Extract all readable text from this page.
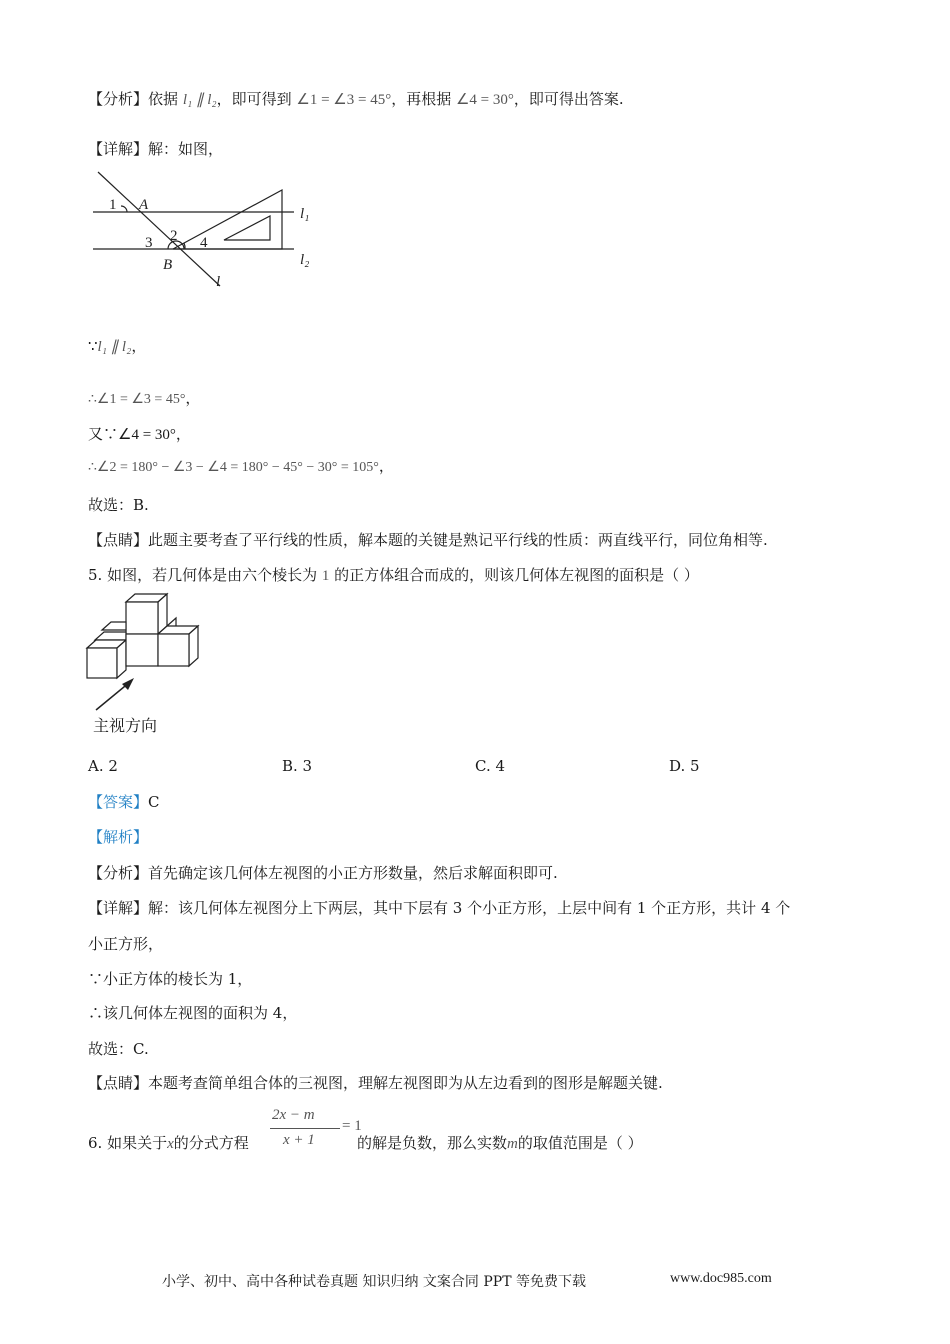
【分析】依据 l₁ ∥ l₂，即可得到 ∠1 = ∠3 = 45°，再根据 ∠4 = 30°，即可得出答案.
【详解】解：如图，
1 A
l₁
2
3	4
B	l₂
l
∵l₁ ∥ l₂，
∴∠1 = ∠3 = 45°，
又∵∠4 = 30°，
∴∠2 = 180° − ∠3 − ∠4 = 180° − 45° − 30° = 105°，
故选：B.
【点睛】此题主要考查了平行线的性质，解本题的关键是熟记平行线的性质：两直线平行，同位角相等.
5. 如图，若几何体是由六个棱长为 1 的正方体组合而成的，则该几何体左视图的面积是（ ）
主视方向
A. 2	B. 3	C. 4	D. 5
【答案】C
【解析】
【分析】首先确定该几何体左视图的小正方形数量，然后求解面积即可.
【详解】解：该几何体左视图分上下两层，其中下层有 3 个小正方形，上层中间有 1 个正方形，共计 4 个
小正方形，
∵小正方体的棱长为 1，
∴该几何体左视图的面积为 4，
故选：C.
【点睛】本题考查简单组合体的三视图，理解左视图即为从左边看到的图形是解题关键.
6. 如果关于x的分式方程
2x − m
x + 1
= 1
的解是负数，那么实数m的取值范围是（ ）
小学、初中、高中各种试卷真题 知识归纳 文案合同 PPT 等免费下载	www.doc985.com
